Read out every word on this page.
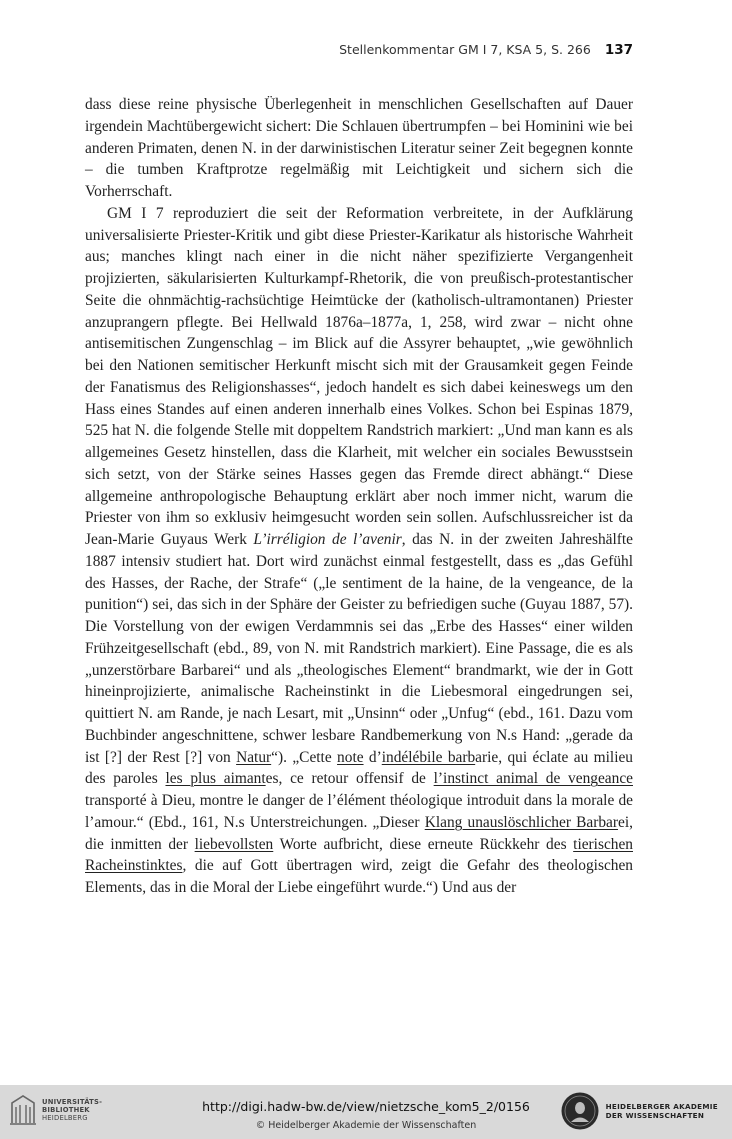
Stellenkommentar GM I 7, KSA 5, S. 266 137

dass diese reine physische Überlegenheit in menschlichen Gesellschaften auf Dauer irgendein Machtübergewicht sichert: Die Schlauen übertrumpfen – bei Hominini wie bei anderen Primaten, denen N. in der darwinistischen Literatur seiner Zeit begegnen konnte – die tumben Kraftprotze regelmäßig mit Leichtigkeit und sichern sich die Vorherrschaft.

GM I 7 reproduziert die seit der Reformation verbreitete, in der Aufklärung universalisierte Priester-Kritik und gibt diese Priester-Karikatur als historische Wahrheit aus; manches klingt nach einer in die nicht näher spezifizierte Vergangenheit projizierten, säkularisierten Kulturkampf-Rhetorik, die von preußisch-protestantischer Seite die ohnmächtig-rachsüchtige Heimtücke der (katholisch-ultramontanen) Priester anzuprangern pflegte. Bei Hellwald 1876a–1877a, 1, 258, wird zwar – nicht ohne antisemitischen Zungenschlag – im Blick auf die Assyrer behauptet, „wie gewöhnlich bei den Nationen semitischer Herkunft mischt sich mit der Grausamkeit gegen Feinde der Fanatismus des Religionshasses“, jedoch handelt es sich dabei keineswegs um den Hass eines Standes auf einen anderen innerhalb eines Volkes. Schon bei Espinas 1879, 525 hat N. die folgende Stelle mit doppeltem Randstrich markiert: „Und man kann es als allgemeines Gesetz hinstellen, dass die Klarheit, mit welcher ein sociales Bewusstsein sich setzt, von der Stärke seines Hasses gegen das Fremde direct abhängt.“ Diese allgemeine anthropologische Behauptung erklärt aber noch immer nicht, warum die Priester von ihm so exklusiv heimgesucht worden sein sollen. Aufschlussreicher ist da Jean-Marie Guyaus Werk L’irréligion de l’avenir, das N. in der zweiten Jahreshälfte 1887 intensiv studiert hat. Dort wird zunächst einmal festgestellt, dass es „das Gefühl des Hasses, der Rache, der Strafe“ („le sentiment de la haine, de la vengeance, de la punition“) sei, das sich in der Sphäre der Geister zu befriedigen suche (Guyau 1887, 57). Die Vorstellung von der ewigen Verdammnis sei das „Erbe des Hasses“ einer wilden Frühzeitgesellschaft (ebd., 89, von N. mit Randstrich markiert). Eine Passage, die es als „unzerstörbare Barbarei“ und als „theologisches Element“ brandmarkt, wie der in Gott hineinprojizierte, animalische Racheinstinkt in die Liebesmoral eingedrungen sei, quittiert N. am Rande, je nach Lesart, mit „Unsinn“ oder „Unfug“ (ebd., 161. Dazu vom Buchbinder angeschnittene, schwer lesbare Randbemerkung von N.s Hand: „gerade da ist [?] der Rest [?] von Natur“). „Cette note d’indélébile barbarie, qui éclate au milieu des paroles les plus aimantes, ce retour offensif de l’instinct animal de vengeance transporté à Dieu, montre le danger de l’élément théologique introduit dans la morale de l’amour.“ (Ebd., 161, N.s Unterstreichungen. „Dieser Klang unauslöschlicher Barbarei, die inmitten der liebevollsten Worte aufbricht, diese erneute Rückkehr des tierischen Racheinstinktes, die auf Gott übertragen wird, zeigt die Gefahr des theologischen Elements, das in die Moral der Liebe eingeführt wurde.“) Und aus der

UNIVERSITÄTS-
BIBLIOTHEK
HEIDELBERG
http://digi.hadw-bw.de/view/nietzsche_kom5_2/0156
© Heidelberger Akademie der Wissenschaften
HEIDELBERGER AKADEMIE
DER WISSENSCHAFTEN
